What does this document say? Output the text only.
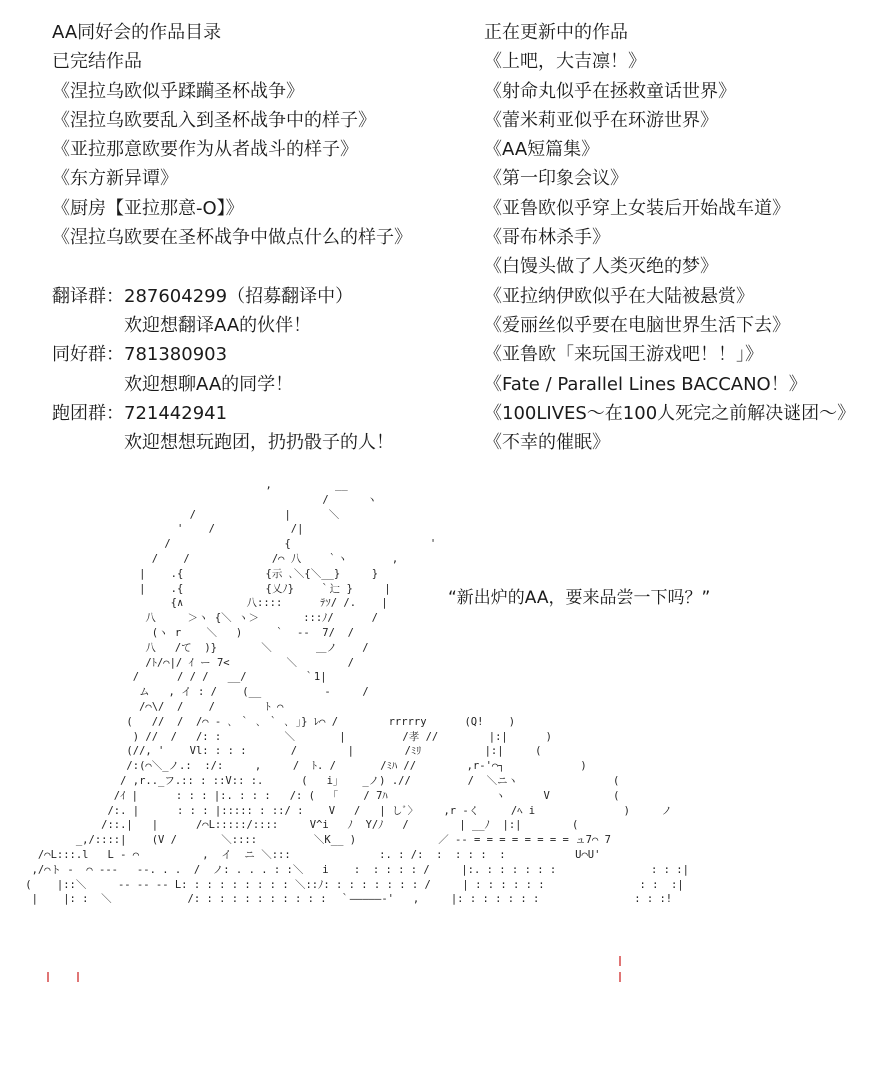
AA同好会的作品目录
已完结作品
《涅拉乌欧似乎蹂躏圣杯战争》
《涅拉乌欧要乱入到圣杯战争中的样子》
《亚拉那意欧要作为从者战斗的样子》
《东方新异谭》
《厨房【亚拉那意-O】》
《涅拉乌欧要在圣杯战争中做点什么的样子》
翻译群： 287604299（招募翻译中）
欢迎想翻译AA的伙伴！
同好群： 781380903
欢迎想聊AA的同学！
跑团群： 721442941
欢迎想想玩跑团，扔扔骰子的人！
正在更新中的作品
《上吧，大吉凛！》
《射命丸似乎在拯救童话世界》
《蕾米莉亚似乎在环游世界》
《AA短篇集》
《第一印象会议》
《亚鲁欧似乎穿上女装后开始战车道》
《哥布林杀手》
《白馒头做了人类灭绝的梦》
《亚拉纳伊欧似乎在大陆被悬赏》
《爱丽丝似乎要在电脑世界生活下去》
《亚鲁欧「来玩国王游戏吧！！」》
《Fate / Parallel Lines BACCANO！》
《100LIVES～在100人死完之前解决谜团～》
《不幸的催眠》
,          __
/      ヽ
/              |      ＼
'    /            /|
/                  {                      '
/    /             /⌒ 八    ｀ヽ       ,
|    .{             {示 ､＼{＼__}     }
|    .{             {乂ﾉ}    ｀辷 }     |
{∧          八::::      ﾃｿ/ /.    |
八     ＞ヽ {＼ ヽ＞       :::ﾉ/      /
(ヽ r    ＼   )     ｀  --  7/  /
八   /て  )}       ＼       ＿ノ    /
/ﾄ/⌒|/ ｲ ー 7<         ＼        /
/      / / /   __/         ｀1|
ム   , イ : /    (__          ‐     /
/⌒\/  /    /        ﾄ ⌒
(   //  /  /⌒ ‐ ､ ｀ ､ ｀ ､ 」} ﾚ⌒ /        rrrrry      (Q!    )
) //  /   /: :          ＼       |         /孝 //        |:|      )
(//, '    Vl: : : :       /        |        /ﾐﾘ          |:|     (
/:(⌒＼_ノ.:  :/:     ,     /  ﾄ. /       /ﾐﾊ //        ,r‐'⌒┐            )
/ ,r.._フ.:: : ::V:: :.      (   i」   _ノ) .//         /  ＼ニヽ               (
/ｲ |      : : : |:. : : :   /: (  「    / 7ﾊ                 ヽ      V          (
/:. |      : : : |::::: : ::/ :    V   /   | しﾞ〉    ,r ‐く     /ﾍ i              )     ノ
/::.|   |      /⌒L:::::/::::     V^i   ﾉ  Y/ﾉ   /        | __ﾉ  |:|        (
_,/::::|    (V /       ＼::::         ＼K__ )             ／ ‐‐ = = = = = = = = ュ7⌒ 7
/⌒L:::.l   L ‐ ⌒          ,  イ  ニ ＼:::              :. : /:  :  : : :  :           U⌒U'
,/⌒ト ‐  ⌒ ‐‐‐   ‐‐. . .  /  ノ: . . . : :＼   i    :  : : : : /     |:. : : : : : :               : : :|
(    |::＼     ‐‐ ‐‐ ‐‐ L: : : : : : : : : ＼::ﾉ: : : : : : : : /     | : : : : : :               : :  :|
|    |: :  ＼            /: : : : : : : : : : :  ｀―――――‐'   ,     |: : : : : : :               : : :!
“新出炉的AA，要来品尝一下吗？”
